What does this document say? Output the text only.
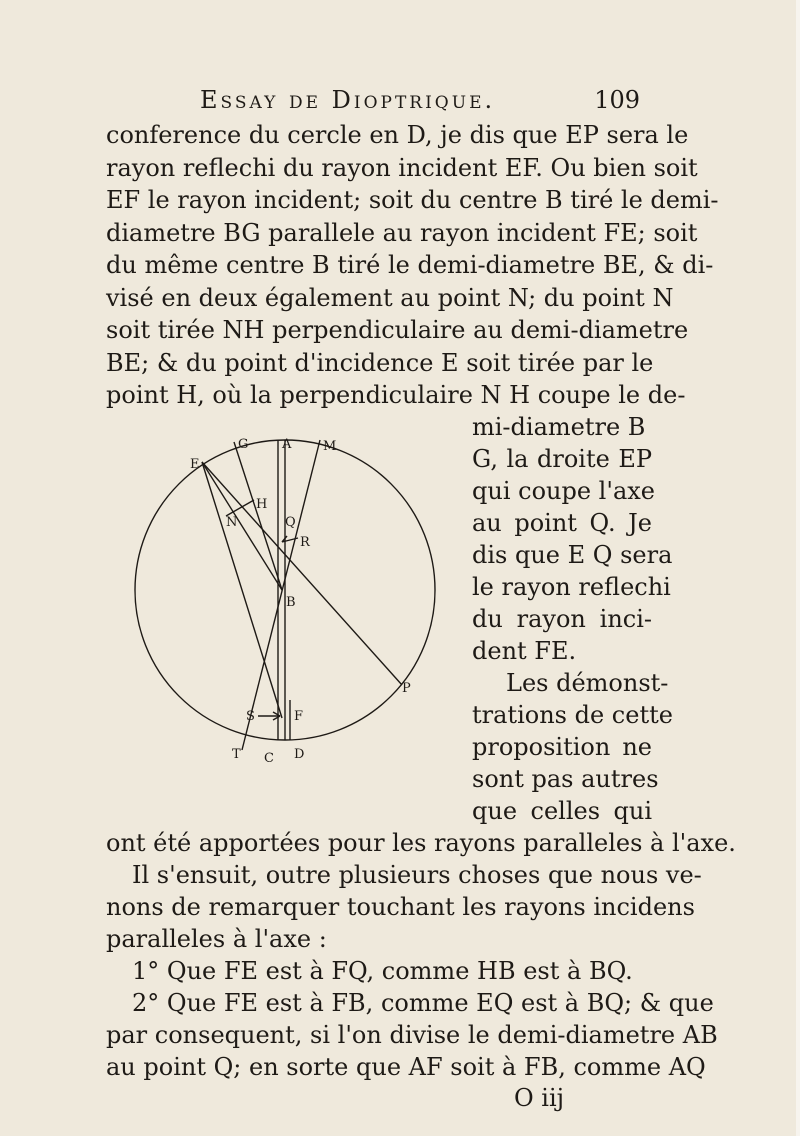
Essay de Dioptrique.	109
conference du cercle en D, je dis que EP sera le
rayon reflechi du rayon incident EF. Ou bien soit
EF le rayon incident; soit du centre B tiré le demi-
diametre BG parallele au rayon incident FE; soit
du même centre B tiré le demi-diametre BE, & di-
visé en deux également au point N; du point N
soit tirée NH perpendiculaire au demi-diametre
BE; & du point d'incidence E soit tirée par le
point H, où la perpendiculaire N H coupe le de-
mi-diametre B
G, la droite EP
qui coupe l'axe
au point Q. Je
dis que E Q sera
le rayon reflechi
du rayon inci-
dent FE.
Les démonst-
trations de cette
proposition ne
sont pas autres
que celles qui
ont été apportées pour les rayons paralleles à l'axe.
Il s'ensuit, outre plusieurs choses que nous ve-
nons de remarquer touchant les rayons incidens
paralleles à l'axe :
1° Que FE est à FQ, comme HB est à BQ.
2° Que FE est à FB, comme EQ est à BQ; & que
par consequent, si l'on divise le demi-diametre AB
au point Q; en sorte que AF soit à FB, comme AQ
O iij
G	A M
E
H
N	Q
R
B
P
S	F
T C D
